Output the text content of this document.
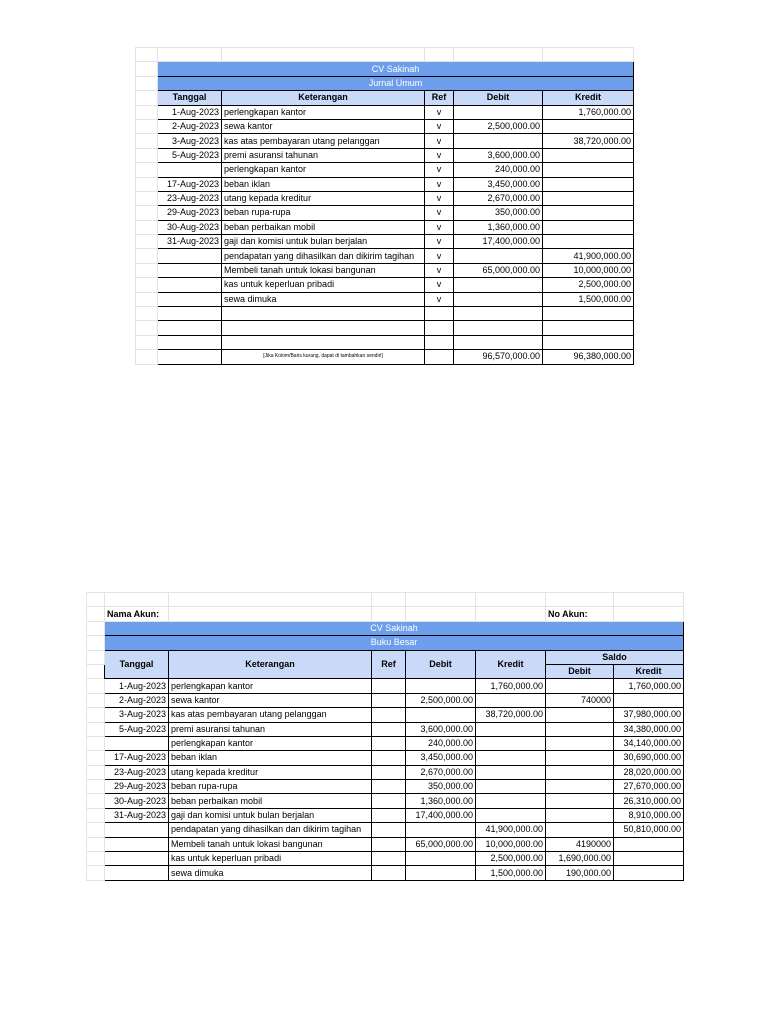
	CV Sakinah				
	Jurnal Umum				
	Tanggal	Keterangan	Ref	Debit	Kredit
	1-Aug-2023	perlengkapan kantor	v		1,760,000.00
	2-Aug-2023	sewa kantor	v	2,500,000.00	
	3-Aug-2023	kas atas pembayaran utang pelanggan	v		38,720,000.00
	5-Aug-2023	premi asuransi tahunan	v	3,600,000.00	
		perlengkapan kantor	v	240,000.00	
	17-Aug-2023	beban iklan	v	3,450,000.00	
	23-Aug-2023	utang kepada kreditur	v	2,670,000.00	
	29-Aug-2023	beban rupa-rupa	v	350,000.00	
	30-Aug-2023	beban perbaikan mobil	v	1,360,000.00	
	31-Aug-2023	gaji dan komisi untuk bulan berjalan	v	17,400,000.00	
		pendapatan yang dihasilkan dan dikirim tagihan	v		41,900,000.00
		Membeli tanah untuk lokasi bangunan	v	65,000,000.00	10,000,000.00
		kas untuk keperluan pribadi	v		2,500,000.00
		sewa dimuka	v		1,500,000.00

		[Jika Kolom/Baris kurang, dapat di tambahkan sendiri]		96,570,000.00	96,380,000.00

	Nama Akun:					No Akun:	
	CV Sakinah						
	Buku Besar						
	Tanggal	Keterangan	Ref	Debit	Kredit	Saldo	
						Debit	Kredit
	1-Aug-2023	perlengkapan kantor			1,760,000.00		1,760,000.00
	2-Aug-2023	sewa kantor		2,500,000.00		740000	
	3-Aug-2023	kas atas pembayaran utang pelanggan			38,720,000.00		37,980,000.00
	5-Aug-2023	premi asuransi tahunan		3,600,000.00			34,380,000.00
		perlengkapan kantor		240,000.00			34,140,000.00
	17-Aug-2023	beban iklan		3,450,000.00			30,690,000.00
	23-Aug-2023	utang kepada kreditur		2,670,000.00			28,020,000.00
	29-Aug-2023	beban rupa-rupa		350,000.00			27,670,000.00
	30-Aug-2023	beban perbaikan mobil		1,360,000.00			26,310,000.00
	31-Aug-2023	gaji dan komisi untuk bulan berjalan		17,400,000.00			8,910,000.00
		pendapatan yang dihasilkan dan dikirim tagihan			41,900,000.00		50,810,000.00
		Membeli tanah untuk lokasi bangunan		65,000,000.00	10,000,000.00	4190000	
		kas untuk keperluan pribadi			2,500,000.00	1,690,000.00	
		sewa dimuka			1,500,000.00	190,000.00	
